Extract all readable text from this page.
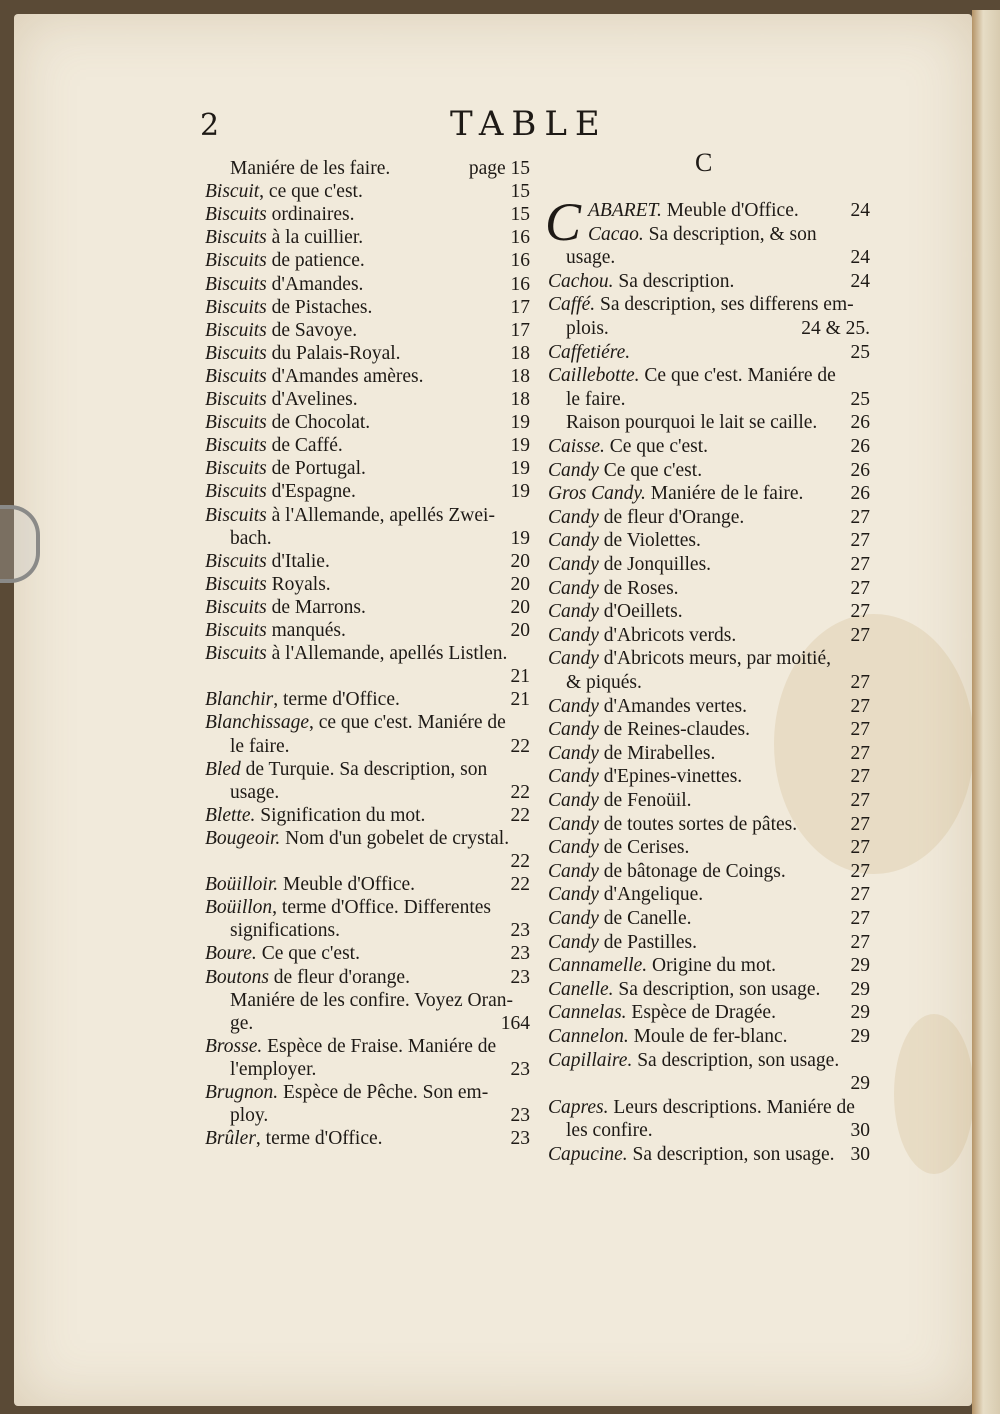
2	TABLE
C
C
Maniére de les faire.	page 15
Biscuit, ce que c'est.	15
Biscuits ordinaires.	15
Biscuits à la cuillier.	16
Biscuits de patience.	16
Biscuits d'Amandes.	16
Biscuits de Pistaches.	17
Biscuits de Savoye.	17
Biscuits du Palais-Royal.	18
Biscuits d'Amandes amères.	18
Biscuits d'Avelines.	18
Biscuits de Chocolat.	19
Biscuits de Caffé.	19
Biscuits de Portugal.	19
Biscuits d'Espagne.	19
Biscuits à l'Allemande, apellés Zwei-
bach.	19
Biscuits d'Italie.	20
Biscuits Royals.	20
Biscuits de Marrons.	20
Biscuits manqués.	20
Biscuits à l'Allemande, apellés Listlen.
21
Blanchir, terme d'Office.	21
Blanchissage, ce que c'est. Maniére de
le faire.	22
Bled de Turquie. Sa description, son
usage.	22
Blette. Signification du mot.	22
Bougeoir. Nom d'un gobelet de crystal.
22
Boüilloir. Meuble d'Office.	22
Boüillon, terme d'Office. Differentes
significations.	23
Boure. Ce que c'est.	23
Boutons de fleur d'orange.	23
Maniére de les confire. Voyez Oran-
ge.	164
Brosse. Espèce de Fraise. Maniére de
l'employer.	23
Brugnon. Espèce de Pêche. Son em-
ploy.	23
Brûler, terme d'Office.	23
ABARET. Meuble d'Office.	24
Cacao. Sa description, & son
usage.	24
Cachou. Sa description.	24
Caffé. Sa description, ses differens em-
plois.	24 & 25.
Caffetiére.	25
Caillebotte. Ce que c'est. Maniére de
le faire.	25
Raison pourquoi le lait se caille. 26
Caisse. Ce que c'est.	26
Candy Ce que c'est.	26
Gros Candy. Maniére de le faire. 26
Candy de fleur d'Orange.	27
Candy de Violettes.	27
Candy de Jonquilles.	27
Candy de Roses.	27
Candy d'Oeillets.	27
Candy d'Abricots verds.	27
Candy d'Abricots meurs, par moitié,
& piqués.	27
Candy d'Amandes vertes.	27
Candy de Reines-claudes.	27
Candy de Mirabelles.	27
Candy d'Epines-vinettes.	27
Candy de Fenoüil.	27
Candy de toutes sortes de pâtes.	27
Candy de Cerises.	27
Candy de bâtonage de Coings.	27
Candy d'Angelique.	27
Candy de Canelle.	27
Candy de Pastilles.	27
Cannamelle. Origine du mot.	29
Canelle. Sa description, son usage. 29
Cannelas. Espèce de Dragée.	29
Cannelon. Moule de fer-blanc.	29
Capillaire. Sa description, son usage.
29
Capres. Leurs descriptions. Maniére de
les confire.	30
Capucine. Sa description, son usage. 30
